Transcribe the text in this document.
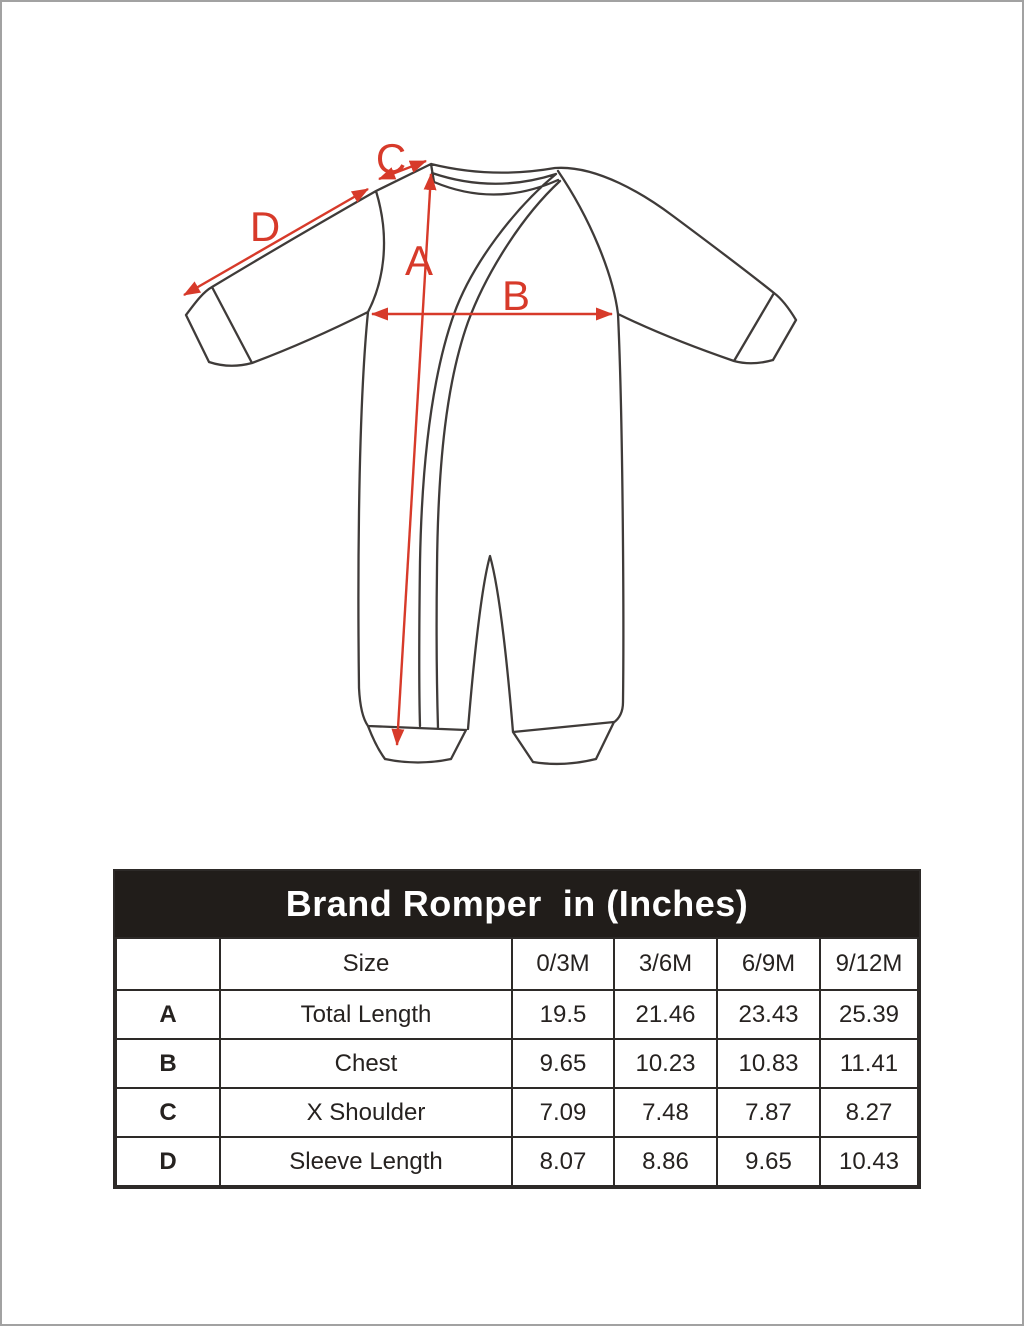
C
D
A
B
Brand Romper  in (Inches)
	Size	0/3M	3/6M	6/9M	9/12M
A	Total Length	19.5	21.46	23.43	25.39
B	Chest	9.65	10.23	10.83	11.41
C	X Shoulder	7.09	7.48	7.87	8.27
D	Sleeve Length	8.07	8.86	9.65	10.43
